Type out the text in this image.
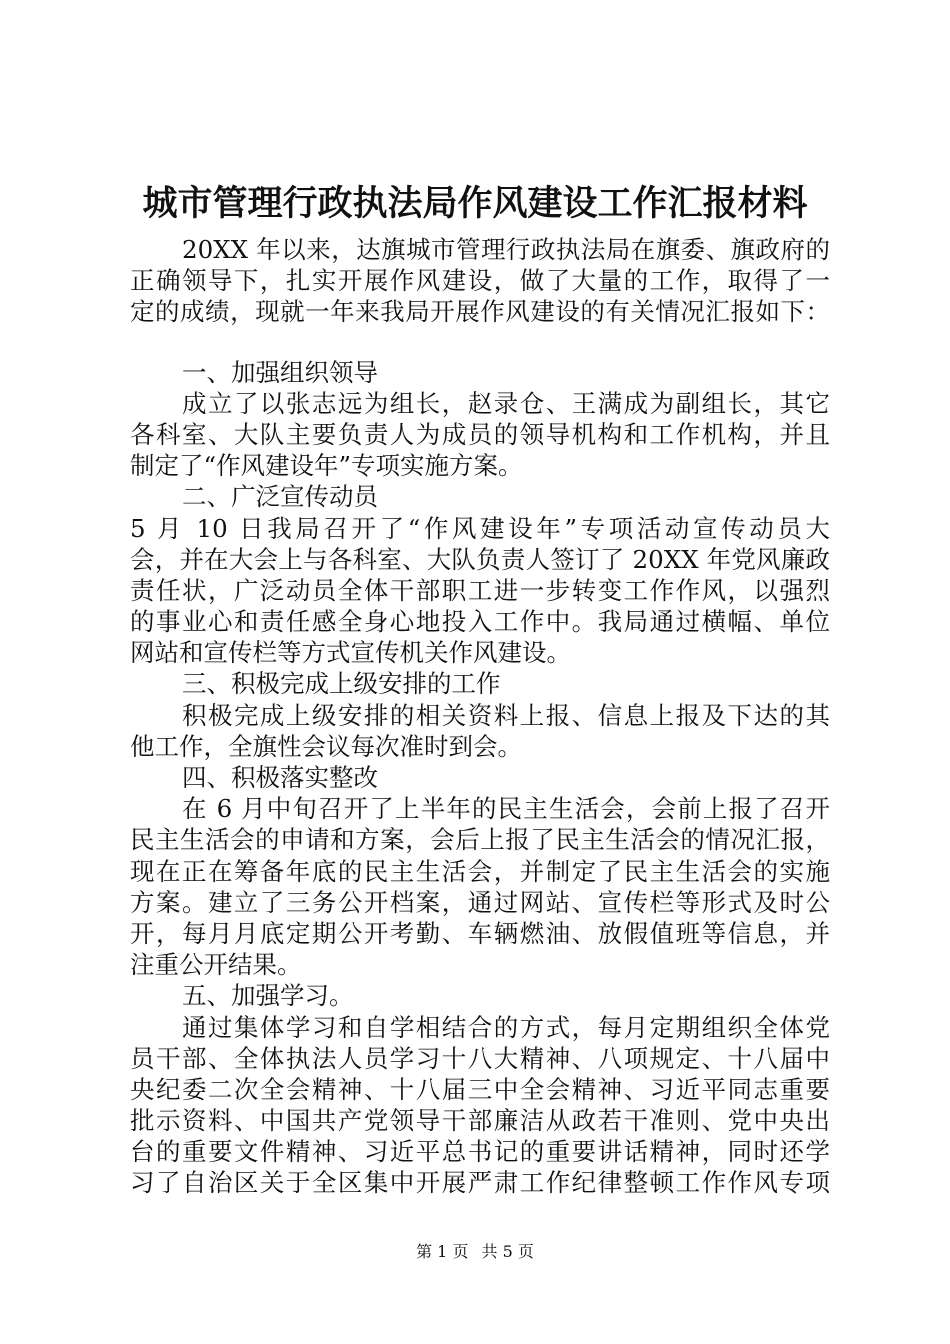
城市管理行政执法局作风建设工作汇报材料
20XX 年以来，达旗城市管理行政执法局在旗委、旗政府的
正确领导下，扎实开展作风建设，做了大量的工作，取得了一
定的成绩，现就一年来我局开展作风建设的有关情况汇报如下：
一、加强组织领导
成立了以张志远为组长，赵录仓、王满成为副组长，其它
各科室、大队主要负责人为成员的领导机构和工作机构，并且
制定了“作风建设年”专项实施方案。
二、广泛宣传动员
5 月 10 日我局召开了“作风建设年”专项活动宣传动员大
会，并在大会上与各科室、大队负责人签订了 20XX 年党风廉政
责任状，广泛动员全体干部职工进一步转变工作作风，以强烈
的事业心和责任感全身心地投入工作中。我局通过横幅、单位
网站和宣传栏等方式宣传机关作风建设。
三、积极完成上级安排的工作
积极完成上级安排的相关资料上报、信息上报及下达的其
他工作，全旗性会议每次准时到会。
四、积极落实整改
在 6 月中旬召开了上半年的民主生活会，会前上报了召开
民主生活会的申请和方案，会后上报了民主生活会的情况汇报，
现在正在筹备年底的民主生活会，并制定了民主生活会的实施
方案。建立了三务公开档案，通过网站、宣传栏等形式及时公
开，每月月底定期公开考勤、车辆燃油、放假值班等信息，并
注重公开结果。
五、加强学习。
通过集体学习和自学相结合的方式，每月定期组织全体党
员干部、全体执法人员学习十八大精神、八项规定、十八届中
央纪委二次全会精神、十八届三中全会精神、习近平同志重要
批示资料、中国共产党领导干部廉洁从政若干准则、党中央出
台的重要文件精神、习近平总书记的重要讲话精神，同时还学
习了自治区关于全区集中开展严肃工作纪律整顿工作作风专项
第 1 页 共 5 页
